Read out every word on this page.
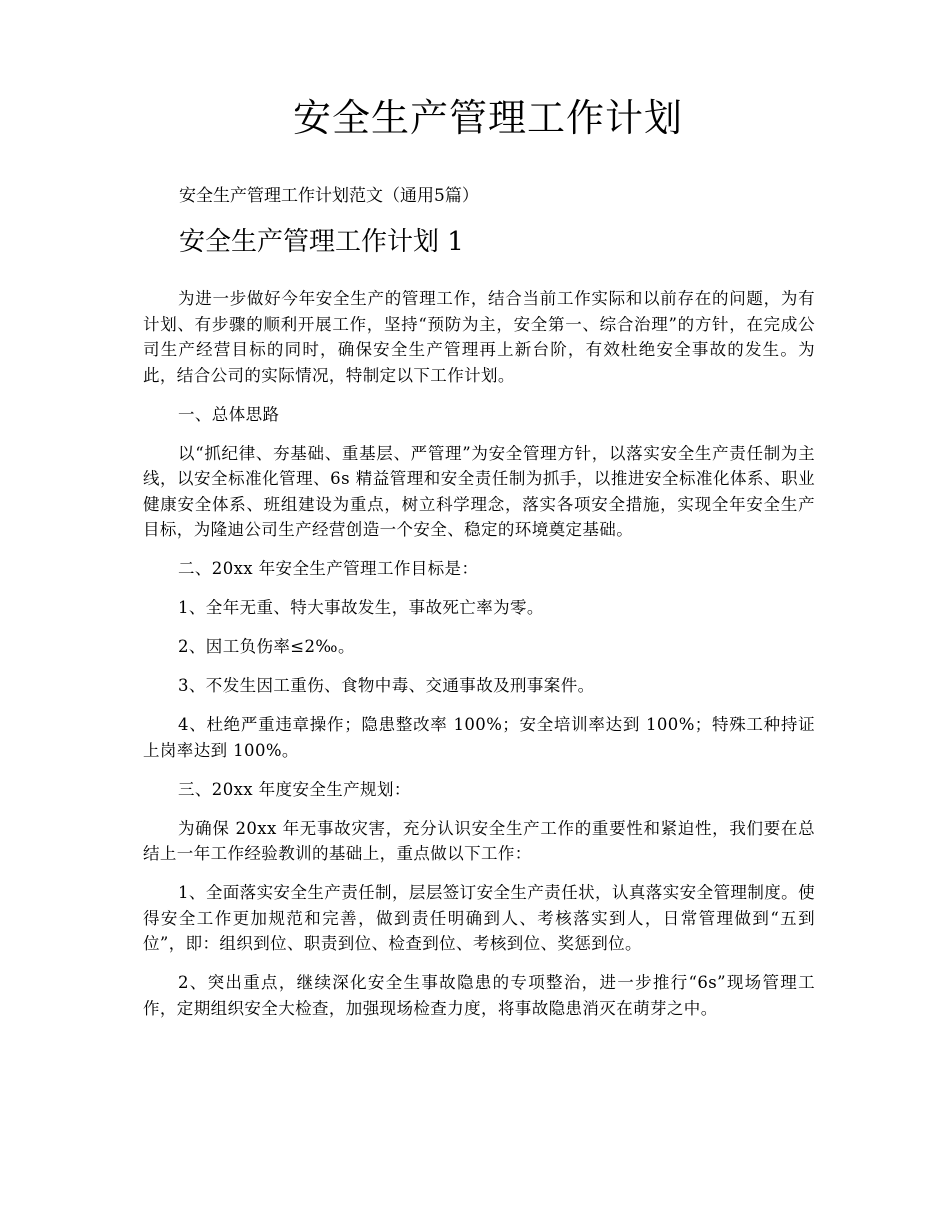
安全生产管理工作计划
安全生产管理工作计划范文（通用5篇）
安全生产管理工作计划 1

为进一步做好今年安全生产的管理工作，结合当前工作实际和以前存在的问题，为有计划、有步骤的顺利开展工作，坚持“预防为主，安全第一、综合治理”的方针，在完成公司生产经营目标的同时，确保安全生产管理再上新台阶，有效杜绝安全事故的发生。为此，结合公司的实际情况，特制定以下工作计划。

一、总体思路

以“抓纪律、夯基础、重基层、严管理”为安全管理方针，以落实安全生产责任制为主线，以安全标准化管理、6s 精益管理和安全责任制为抓手，以推进安全标准化体系、职业健康安全体系、班组建设为重点，树立科学理念，落实各项安全措施，实现全年安全生产目标，为隆迪公司生产经营创造一个安全、稳定的环境奠定基础。

二、20xx 年安全生产管理工作目标是：

1、全年无重、特大事故发生，事故死亡率为零。

2、因工负伤率≤2‰。

3、不发生因工重伤、食物中毒、交通事故及刑事案件。

4、杜绝严重违章操作；隐患整改率 100%；安全培训率达到 100%；特殊工种持证上岗率达到 100%。

三、20xx 年度安全生产规划：

为确保 20xx 年无事故灾害，充分认识安全生产工作的重要性和紧迫性，我们要在总结上一年工作经验教训的基础上，重点做以下工作：

1、全面落实安全生产责任制，层层签订安全生产责任状，认真落实安全管理制度。使得安全工作更加规范和完善，做到责任明确到人、考核落实到人，日常管理做到“五到位”，即：组织到位、职责到位、检查到位、考核到位、奖惩到位。

2、突出重点，继续深化安全生事故隐患的专项整治，进一步推行“6s”现场管理工作，定期组织安全大检查，加强现场检查力度，将事故隐患消灭在萌芽之中。
